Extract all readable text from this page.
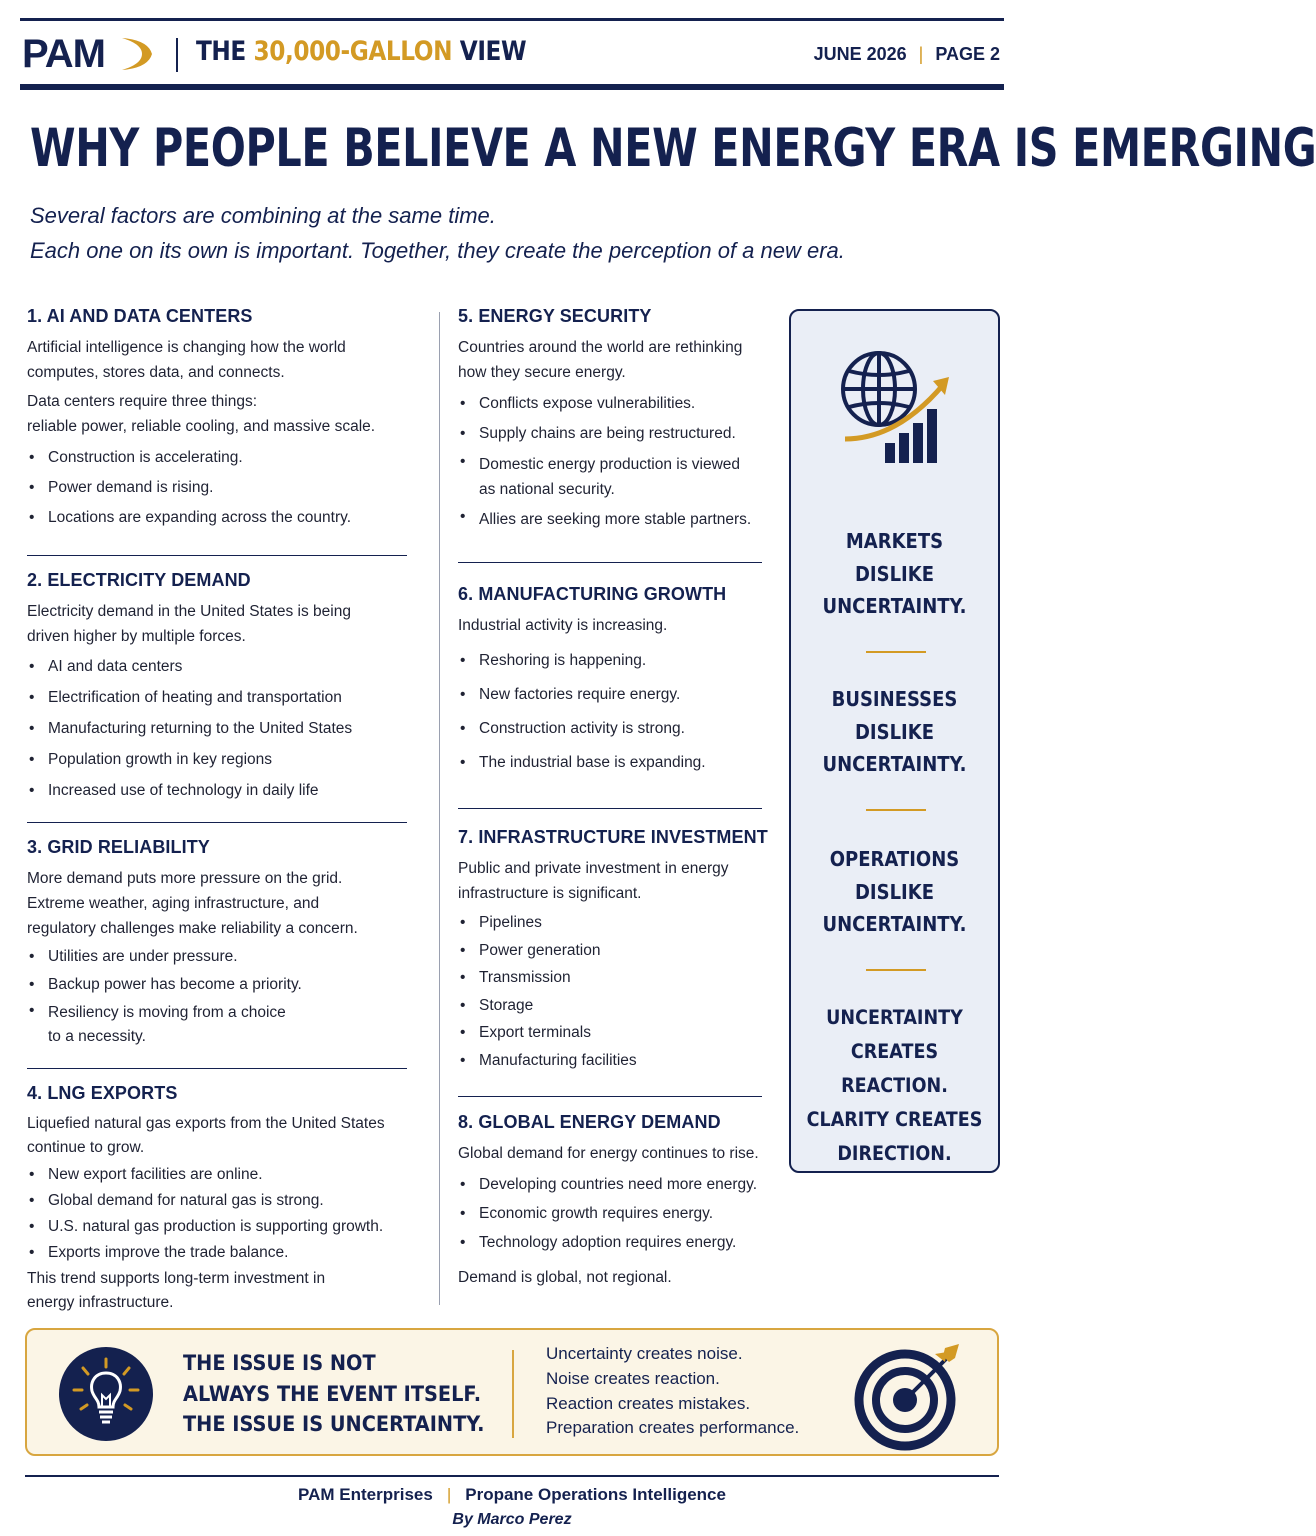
PAM	THE 30,000-GALLON VIEW	JUNE 2026 | PAGE 2
WHY PEOPLE BELIEVE A NEW ENERGY ERA IS EMERGING
Several factors are combining at the same time.
Each one on its own is important. Together, they create the perception of a new era.
1. AI AND DATA CENTERS
Artificial intelligence is changing how the world
computes, stores data, and connects.
Data centers require three things:
reliable power, reliable cooling, and massive scale.
• Construction is accelerating.
• Power demand is rising.
• Locations are expanding across the country.
2. ELECTRICITY DEMAND
Electricity demand in the United States is being
driven higher by multiple forces.
• AI and data centers
• Electrification of heating and transportation
• Manufacturing returning to the United States
• Population growth in key regions
• Increased use of technology in daily life
3. GRID RELIABILITY
More demand puts more pressure on the grid.
Extreme weather, aging infrastructure, and
regulatory challenges make reliability a concern.
• Utilities are under pressure.
• Backup power has become a priority.
• Resiliency is moving from a choice
to a necessity.
4. LNG EXPORTS
Liquefied natural gas exports from the United States
continue to grow.
• New export facilities are online.
• Global demand for natural gas is strong.
• U.S. natural gas production is supporting growth.
• Exports improve the trade balance.
This trend supports long-term investment in
energy infrastructure.
5. ENERGY SECURITY
Countries around the world are rethinking
how they secure energy.
• Conflicts expose vulnerabilities.
• Supply chains are being restructured.
• Domestic energy production is viewed
as national security.
• Allies are seeking more stable partners.
6. MANUFACTURING GROWTH
Industrial activity is increasing.
• Reshoring is happening.
• New factories require energy.
• Construction activity is strong.
• The industrial base is expanding.
7. INFRASTRUCTURE INVESTMENT
Public and private investment in energy
infrastructure is significant.
• Pipelines
• Power generation
• Transmission
• Storage
• Export terminals
• Manufacturing facilities
8. GLOBAL ENERGY DEMAND
Global demand for energy continues to rise.
• Developing countries need more energy.
• Economic growth requires energy.
• Technology adoption requires energy.
Demand is global, not regional.
MARKETS
DISLIKE
UNCERTAINTY.
BUSINESSES
DISLIKE
UNCERTAINTY.
OPERATIONS
DISLIKE
UNCERTAINTY.
UNCERTAINTY
CREATES REACTION.
CLARITY CREATES
DIRECTION.
THE ISSUE IS NOT
ALWAYS THE EVENT ITSELF.
THE ISSUE IS UNCERTAINTY.
Uncertainty creates noise.
Noise creates reaction.
Reaction creates mistakes.
Preparation creates performance.
PAM Enterprises | Propane Operations Intelligence
By Marco Perez
